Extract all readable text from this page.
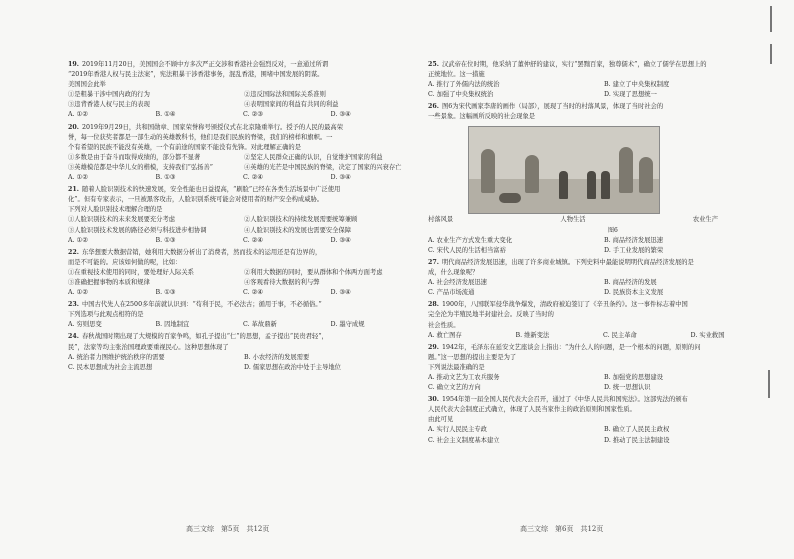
19. 2019年11月20日，美国国会不顾中方多次严正交涉和香港社会强烈反对，一意通过所谓
“2019年香港人权与民主法案”，宪法粗暴干涉香港事务，混乱香港，围堵中国发展的阴谋。
美国国会此举
①是粗暴干涉中国内政的行为	②违反国际法和国际关系准则
③违背香港人权与民主的表现	④表明国家间的利益有共同的利益
A. ①②	B. ①④	C. ②③	D. ③④
20. 2019年9月29日，共和国勋章、国家荣誉称号颁授仪式在北京隆重举行。授予的人民的最高荣
誉，每一位获奖者都是一部生动的英雄教科书，他们是我们民族的脊梁，我们的榜样和旗帜。一
个有希望的民族不能没有英雄，一个有前途的国家不能没有先锋。对此理解正确的是
①多数是由于奋斗而取得成绩的，部分都不显著	②坚定人民群众正确的认识，自觉维护国家的利益
③英雄模范都是中华儿女的楷模，支持我们“弘扬善”	④英雄的光芒是中国民族的脊梁，决定了国家的兴衰存亡
A. ①②	B. ①③	C. ②④	D. ③④
21. 随着人脸识别技术的快速发展，安全性能也日益提高，“刷脸”已经在各类生活场景中广泛使用
化”。但有专家表示，一旦被黑客攻击，人脸识别系统可能会对使用者的财产安全构成威胁。
下列对人脸识别技术理解合理的是
①人脸识别技术的未来发展要充分考虑	②人脸识别技术的持续发展需要统筹兼顾
③人脸识别技术发展的路径必须与科技进步相协调	④人脸识别技术的发展也需要安全保障
A. ①②	B. ①③	C. ②④	D. ③④
22. 东华想要大数据营销，她利用大数据分析出了消费者，然而技术的运用还是有边界的，
而是不可能的。应该如何做的呢，比如：
①在重视技术使用的同时，要处理好人际关系	②利用大数据的同时，要从群体和个体两方面考虑
③准确把握事物的本质和规律	④客观看待大数据的利与弊
A. ①②	B. ①③	C. ②④	D. ③④
23. 中国古代先人在2500多年前就认识到：“苟利于民，不必法古；循用于事，不必循俗。”
下列选项与此观点相符的是
A. 穷则思变	B. 因地制宜	C. 革故鼎新	D. 墨守成规
24. 春秋战国时期出现了大规模的百家争鸣，如孔子提出“仁”的思想，孟子提出“民贵君轻”，
民”，法家等均主张治国理政要重视民心。这种思想体现了
A. 统治者力图维护统治秩序的需要	B. 小农经济的发展需要
C. 民本思想成为社会主流思想	D. 儒家思想在政治中处于主导地位
25. 汉武帝在位时期，他采纳了董仲舒的建议，实行“罢黜百家，独尊儒术”，确立了儒学在思想上的
正统地位。这一措施
A. 推行了外儒内法的统治	B. 建立了中央集权制度
C. 加强了中央集权统治	D. 实现了思想统一
26. 图6为宋代画家李唐的画作（局部），展现了当时的村落风景，体现了当时社会的
一些景象。这幅画所反映的社会现象是
村落风景	人物生活	农业生产
图6
A. 农业生产方式发生重大变化	B. 商品经济发展迅速
C. 宋代人民的生活相当富裕	D. 手工业发展的繁荣
27. 明代商品经济发展迅速，出现了许多商业城镇。下列史料中最能说明明代商品经济发展的是
成，什么现象呢？
A. 社会经济发展迅速	B. 商品经济的发展
C. 产品市场流通	D. 民族资本主义发展
28. 1900年，八国联军侵华战争爆发，清政府被迫签订了《辛丑条约》。这一事件标志着中国
完全沦为半殖民地半封建社会。反映了当时的
社会性质。
A. 救亡图存	B. 维新变法	C. 民主革命	D. 实业救国
29. 1942年，毛泽东在延安文艺座谈会上指出：“为什么人的问题，是一个根本的问题，原则的问
题。”这一思想的提出主要是为了
下列说法最准确的是
A. 推动文艺为工农兵服务	B. 加强党的思想建设
C. 确立文艺的方向	D. 统一思想认识
30. 1954年第一届全国人民代表大会召开，通过了《中华人民共和国宪法》。这部宪法的颁布
人民代表大会制度正式确立，体现了人民当家作主的政治原则和国家性质。
由此可见
A. 实行人民民主专政	B. 确立了人民民主政权
C. 社会主义制度基本建立	D. 推动了民主法制建设
高三文综　第5页　共12页	高三文综　第6页　共12页
